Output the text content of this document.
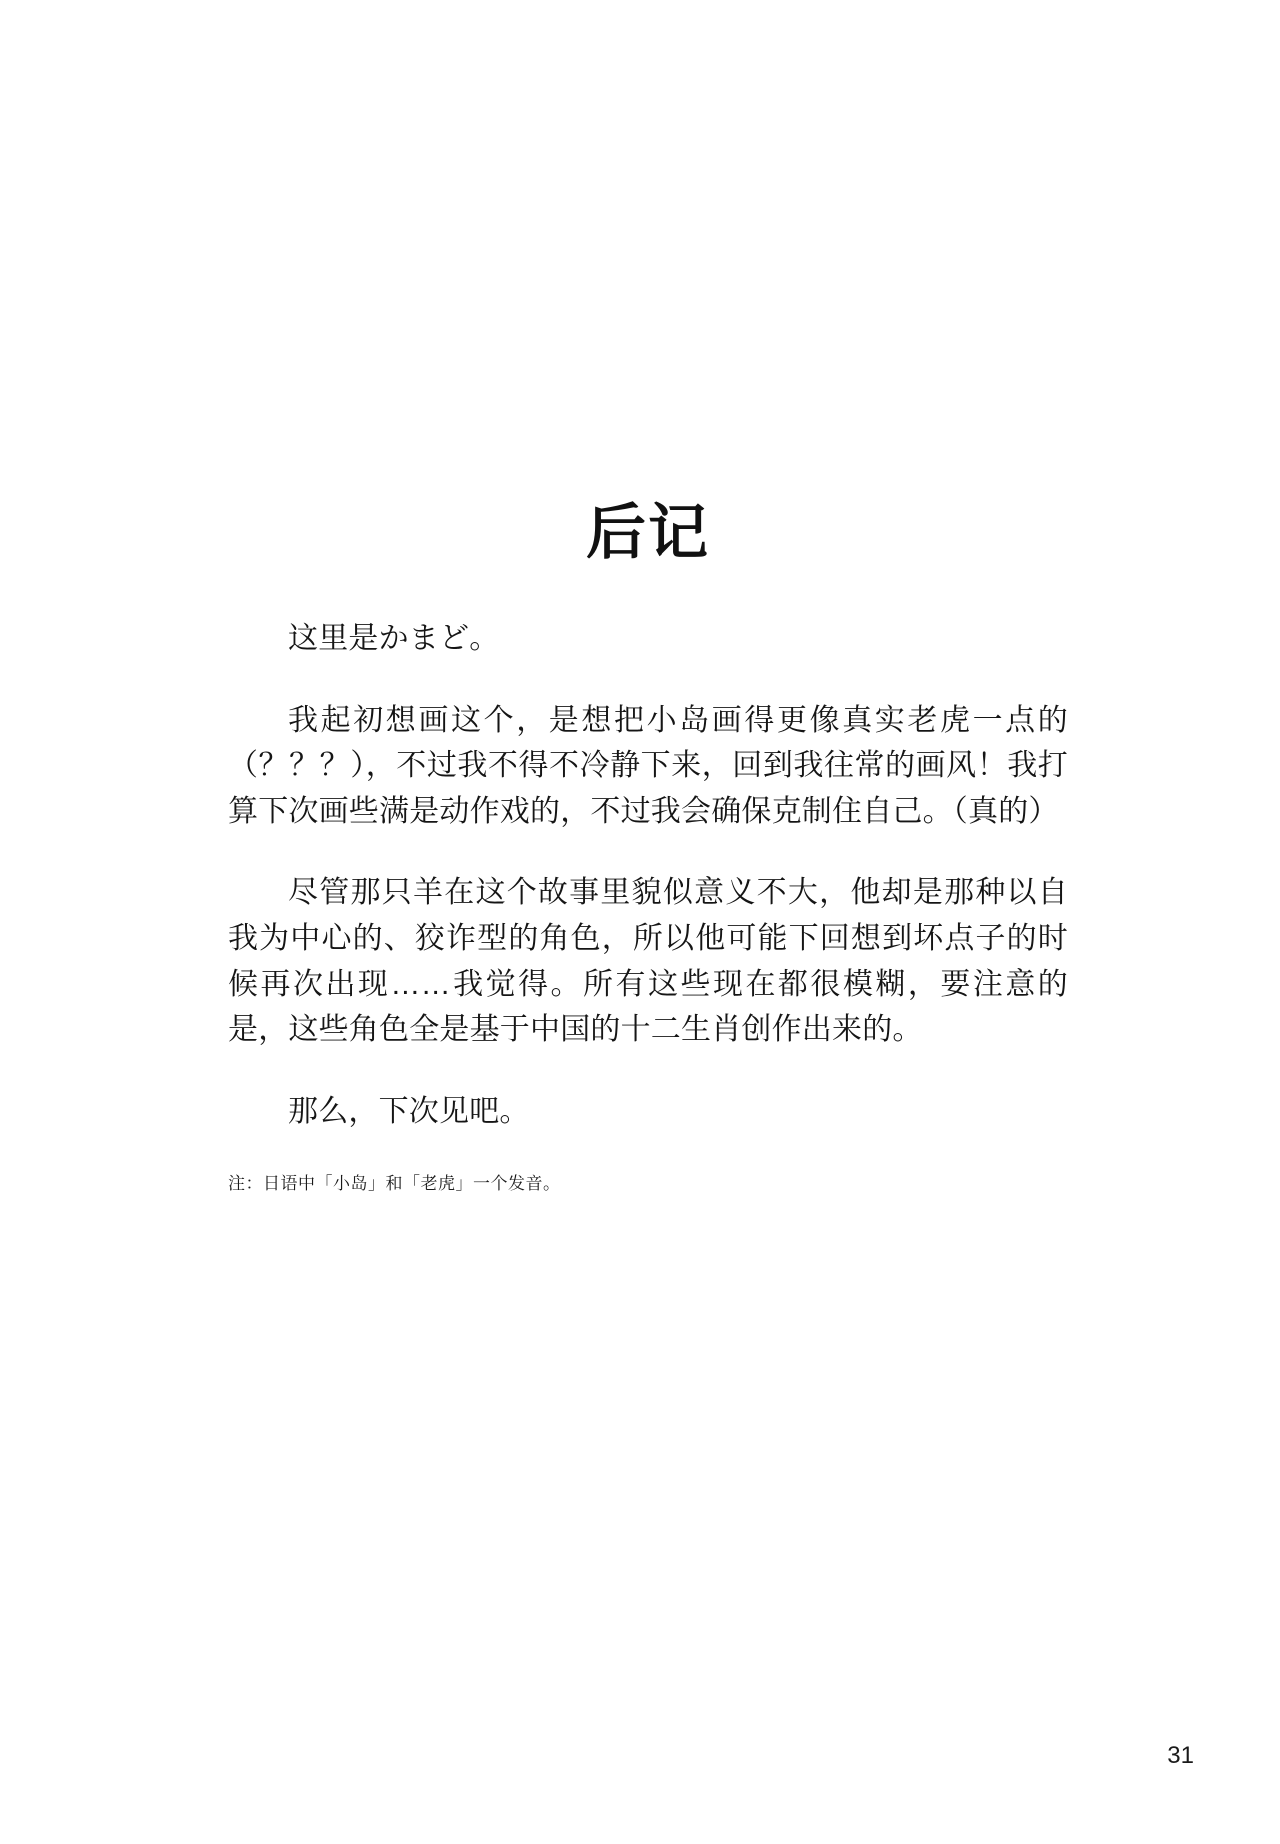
后记

这里是かまど。

我起初想画这个，是想把小岛画得更像真实老虎一点的（？？？），不过我不得不冷静下来，回到我往常的画风！我打算下次画些满是动作戏的，不过我会确保克制住自己。（真的）

尽管那只羊在这个故事里貌似意义不大，他却是那种以自我为中心的、狡诈型的角色，所以他可能下回想到坏点子的时候再次出现……我觉得。所有这些现在都很模糊，要注意的是，这些角色全是基于中国的十二生肖创作出来的。

那么，下次见吧。

注：日语中「小岛」和「老虎」一个发音。

31
